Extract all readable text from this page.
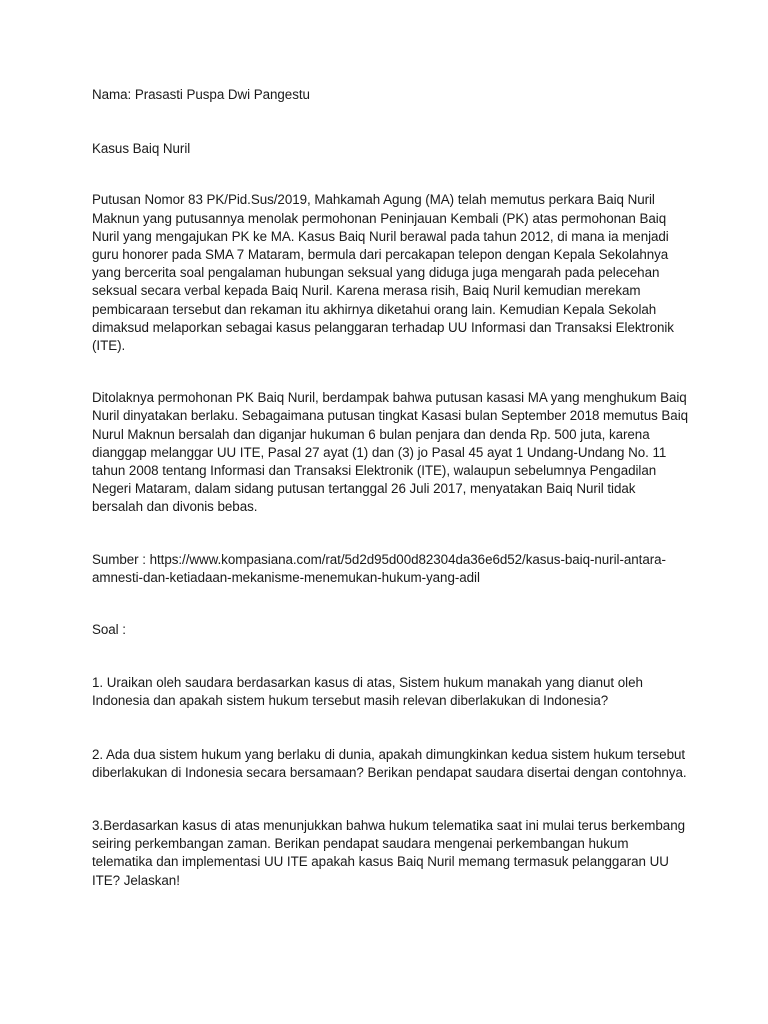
Nama: Prasasti Puspa Dwi Pangestu

Kasus Baiq Nuril

Putusan Nomor 83 PK/Pid.Sus/2019, Mahkamah Agung (MA) telah memutus perkara Baiq Nuril
Maknun yang putusannya menolak permohonan Peninjauan Kembali (PK) atas permohonan Baiq
Nuril yang mengajukan PK ke MA. Kasus Baiq Nuril berawal pada tahun 2012, di mana ia menjadi
guru honorer pada SMA 7 Mataram, bermula dari percakapan telepon dengan Kepala Sekolahnya
yang bercerita soal pengalaman hubungan seksual yang diduga juga mengarah pada pelecehan
seksual secara verbal kepada Baiq Nuril. Karena merasa risih, Baiq Nuril kemudian merekam
pembicaraan tersebut dan rekaman itu akhirnya diketahui orang lain. Kemudian Kepala Sekolah
dimaksud melaporkan sebagai kasus pelanggaran terhadap UU Informasi dan Transaksi Elektronik
(ITE).

Ditolaknya permohonan PK Baiq Nuril, berdampak bahwa putusan kasasi MA yang menghukum Baiq
Nuril dinyatakan berlaku. Sebagaimana putusan tingkat Kasasi bulan September 2018 memutus Baiq
Nurul Maknun bersalah dan diganjar hukuman 6 bulan penjara dan denda Rp. 500 juta, karena
dianggap melanggar UU ITE, Pasal 27 ayat (1) dan (3) jo Pasal 45 ayat 1 Undang-Undang No. 11
tahun 2008 tentang Informasi dan Transaksi Elektronik (ITE), walaupun sebelumnya Pengadilan
Negeri Mataram, dalam sidang putusan tertanggal 26 Juli 2017, menyatakan Baiq Nuril tidak
bersalah dan divonis bebas.

Sumber : https://www.kompasiana.com/rat/5d2d95d00d82304da36e6d52/kasus-baiq-nuril-antara-
amnesti-dan-ketiadaan-mekanisme-menemukan-hukum-yang-adil

Soal :

1. Uraikan oleh saudara berdasarkan kasus di atas, Sistem hukum manakah yang dianut oleh
Indonesia dan apakah sistem hukum tersebut masih relevan diberlakukan di Indonesia?

2. Ada dua sistem hukum yang berlaku di dunia, apakah dimungkinkan kedua sistem hukum tersebut
diberlakukan di Indonesia secara bersamaan? Berikan pendapat saudara disertai dengan contohnya.

3.Berdasarkan kasus di atas menunjukkan bahwa hukum telematika saat ini mulai terus berkembang
seiring perkembangan zaman. Berikan pendapat saudara mengenai perkembangan hukum
telematika dan implementasi UU ITE apakah kasus Baiq Nuril memang termasuk pelanggaran UU
ITE? Jelaskan!
